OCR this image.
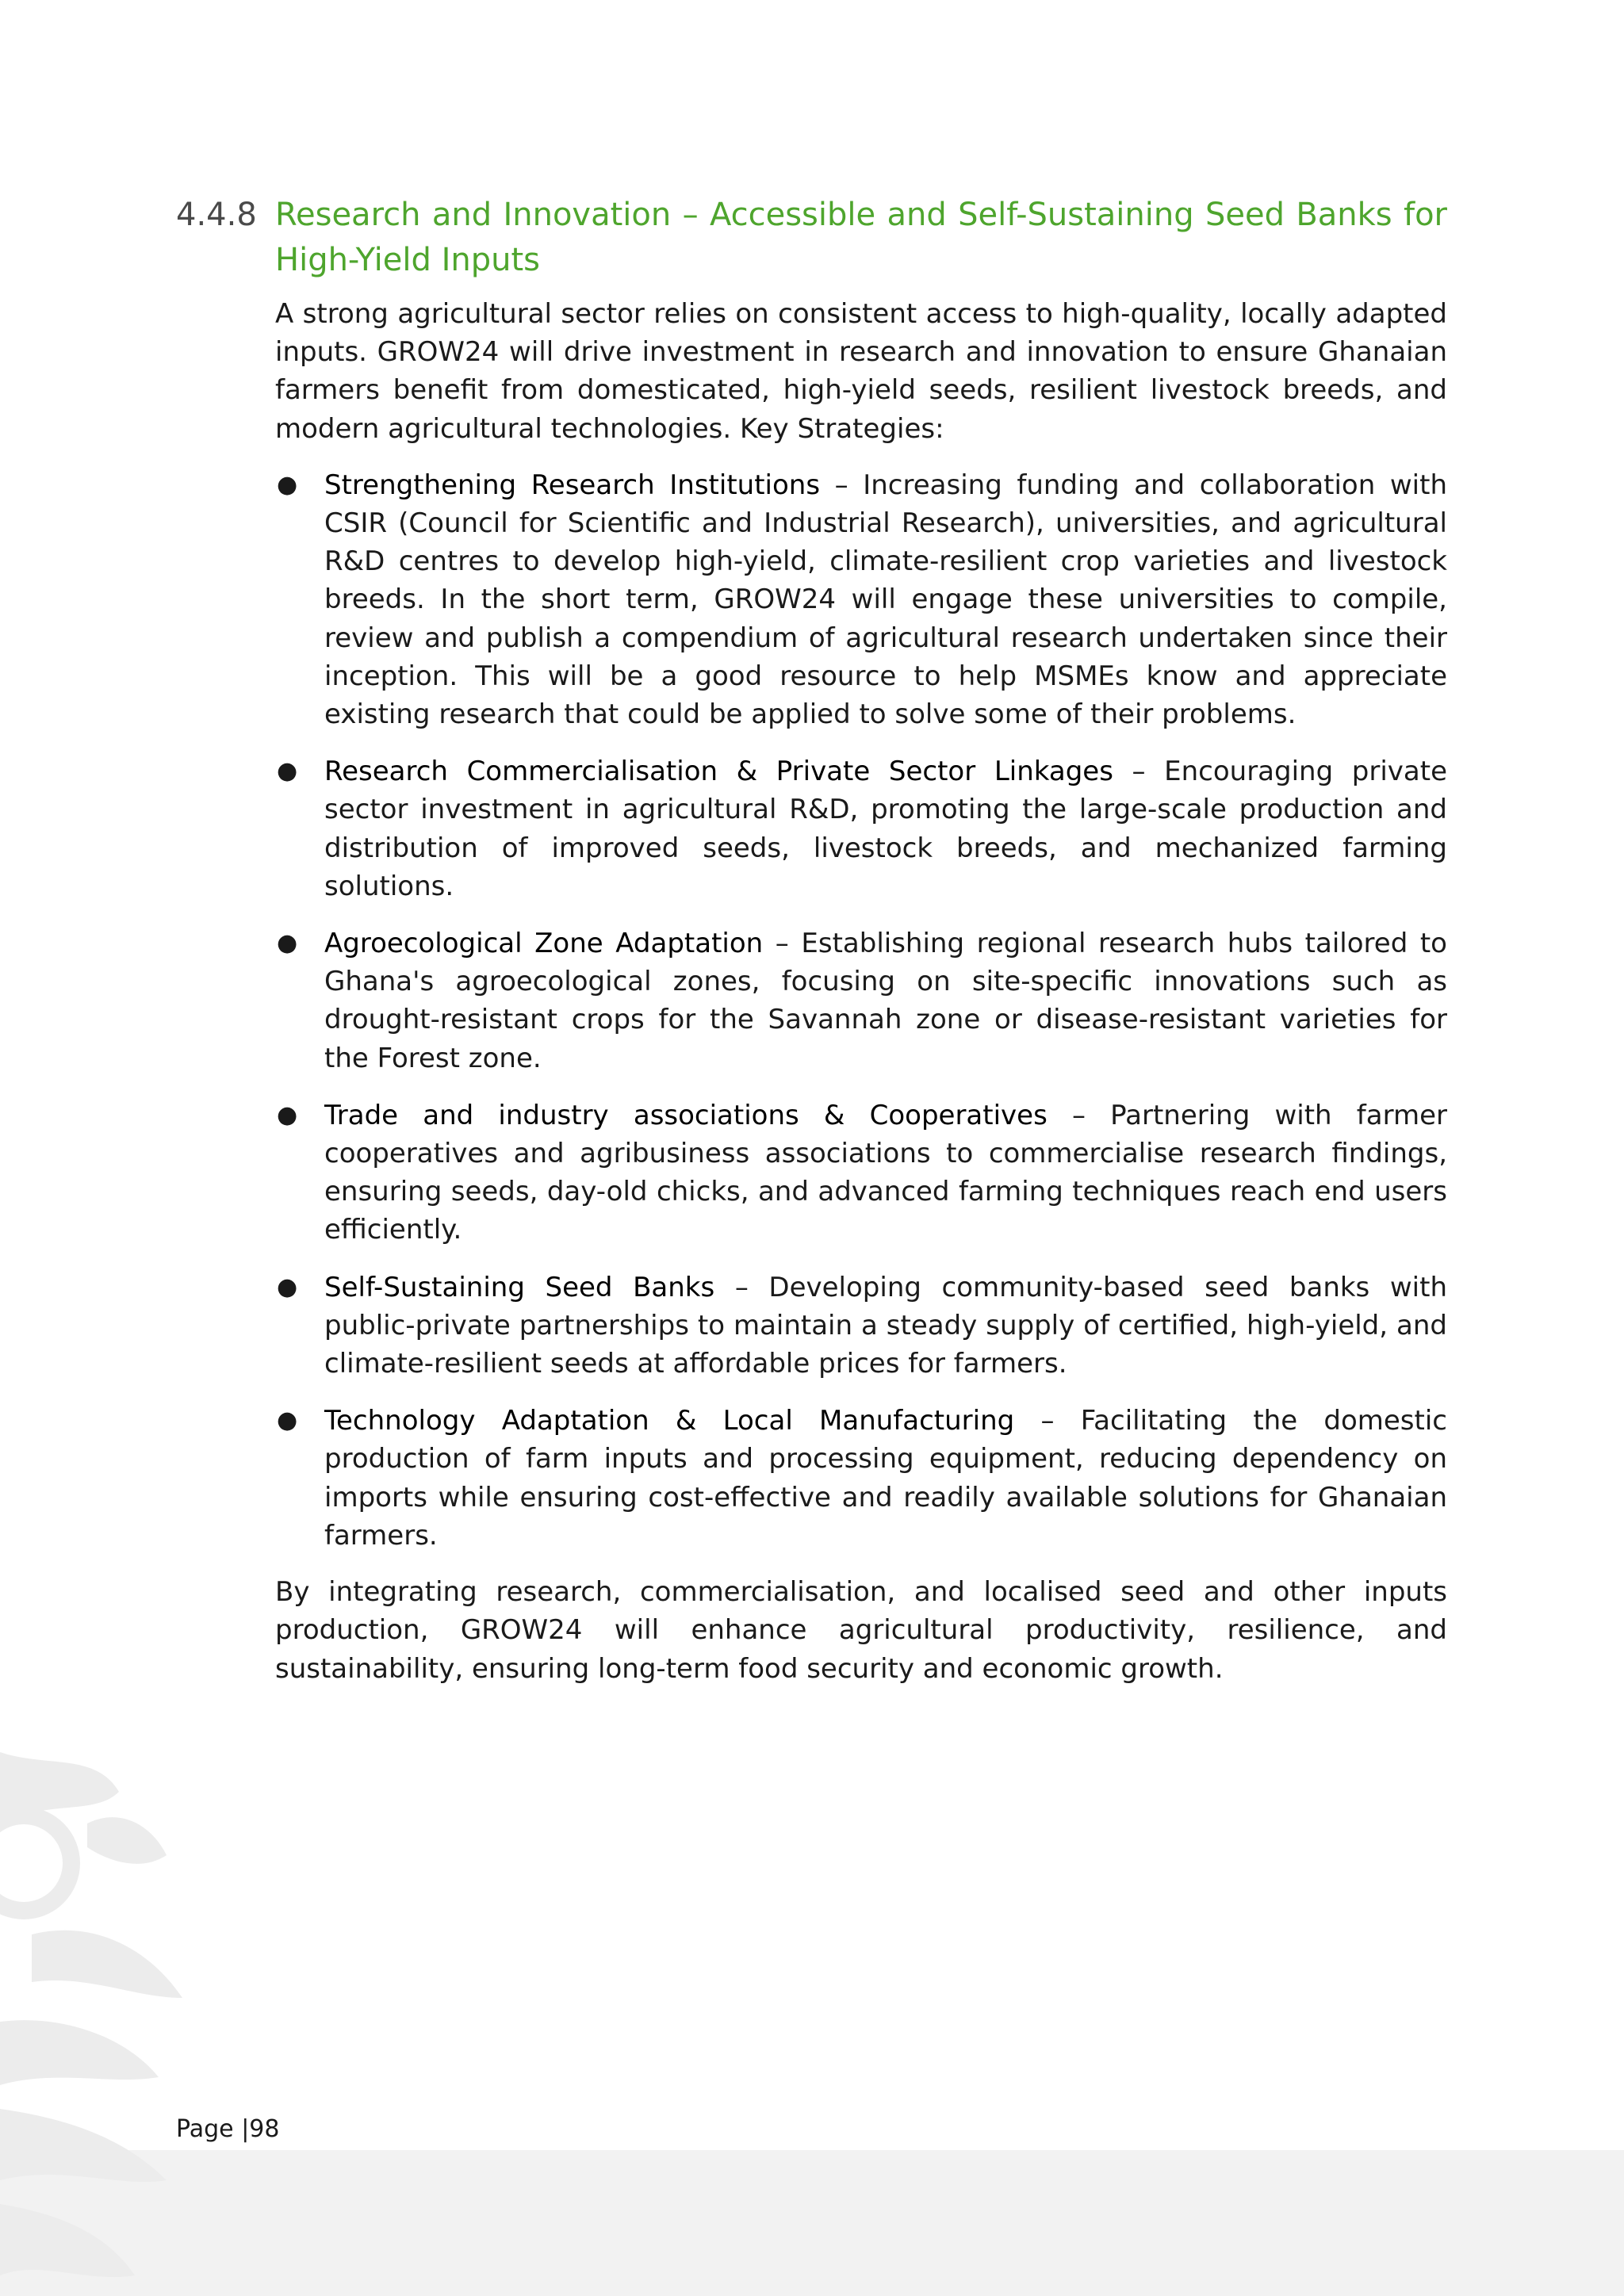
4.4.8 Research and Innovation – Accessible and Self-Sustaining Seed Banks for High-Yield Inputs

A strong agricultural sector relies on consistent access to high-quality, locally adapted inputs. GROW24 will drive investment in research and innovation to ensure Ghanaian farmers benefit from domesticated, high-yield seeds, resilient livestock breeds, and modern agricultural technologies. Key Strategies:

● Strengthening Research Institutions – Increasing funding and collaboration with CSIR (Council for Scientific and Industrial Research), universities, and agricultural R&D centres to develop high-yield, climate-resilient crop varieties and livestock breeds. In the short term, GROW24 will engage these universities to compile, review and publish a compendium of agricultural research undertaken since their inception. This will be a good resource to help MSMEs know and appreciate existing research that could be applied to solve some of their problems.
● Research Commercialisation & Private Sector Linkages – Encouraging private sector investment in agricultural R&D, promoting the large-scale production and distribution of improved seeds, livestock breeds, and mechanized farming solutions.
● Agroecological Zone Adaptation – Establishing regional research hubs tailored to Ghana's agroecological zones, focusing on site-specific innovations such as drought-resistant crops for the Savannah zone or disease-resistant varieties for the Forest zone.
● Trade and industry associations & Cooperatives – Partnering with farmer cooperatives and agribusiness associations to commercialise research findings, ensuring seeds, day-old chicks, and advanced farming techniques reach end users efficiently.
● Self-Sustaining Seed Banks – Developing community-based seed banks with public-private partnerships to maintain a steady supply of certified, high-yield, and climate-resilient seeds at affordable prices for farmers.
● Technology Adaptation & Local Manufacturing – Facilitating the domestic production of farm inputs and processing equipment, reducing dependency on imports while ensuring cost-effective and readily available solutions for Ghanaian farmers.

By integrating research, commercialisation, and localised seed and other inputs production, GROW24 will enhance agricultural productivity, resilience, and sustainability, ensuring long-term food security and economic growth.

Page |98
